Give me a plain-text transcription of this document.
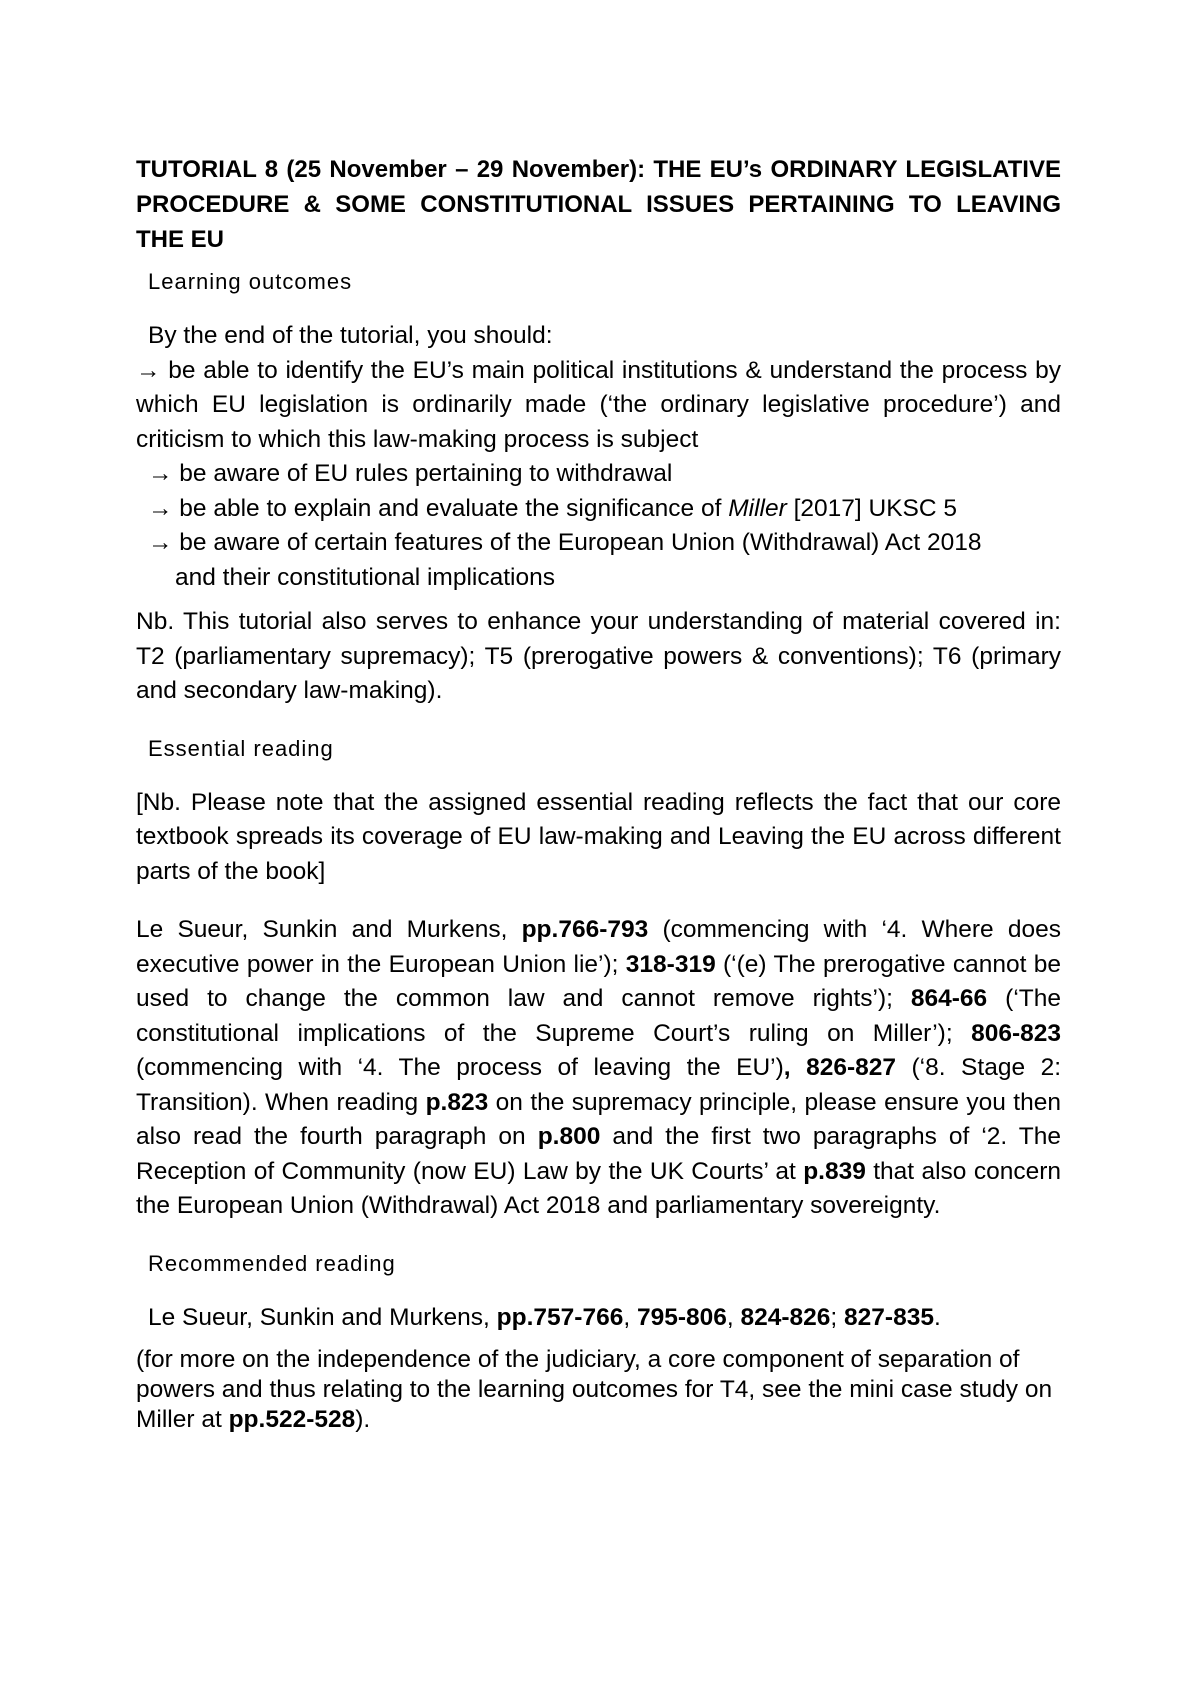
TUTORIAL 8 (25 November – 29 November): THE EU’s ORDINARY LEGISLATIVE PROCEDURE & SOME CONSTITUTIONAL ISSUES PERTAINING TO LEAVING THE EU

Learning outcomes

By the end of the tutorial, you should:

→ be able to identify the EU’s main political institutions & understand the process by which EU legislation is ordinarily made (‘the ordinary legislative procedure’) and criticism to which this law-making process is subject

→ be aware of EU rules pertaining to withdrawal

→ be able to explain and evaluate the significance of Miller [2017] UKSC 5

→ be aware of certain features of the European Union (Withdrawal) Act 2018
and their constitutional implications

Nb. This tutorial also serves to enhance your understanding of material covered in: T2 (parliamentary supremacy); T5 (prerogative powers & conventions); T6 (primary and secondary law-making).

Essential reading

[Nb. Please note that the assigned essential reading reflects the fact that our core textbook spreads its coverage of EU law-making and Leaving the EU across different parts of the book]

Le Sueur, Sunkin and Murkens, pp.766-793 (commencing with ‘4. Where does executive power in the European Union lie’); 318-319 (‘(e) The prerogative cannot be used to change the common law and cannot remove rights’); 864-66 (‘The constitutional implications of the Supreme Court’s ruling on Miller’); 806-823 (commencing with ‘4. The process of leaving the EU’), 826-827 (‘8. Stage 2: Transition). When reading p.823 on the supremacy principle, please ensure you then also read the fourth paragraph on p.800 and the first two paragraphs of ‘2. The Reception of Community (now EU) Law by the UK Courts’ at p.839 that also concern the European Union (Withdrawal) Act 2018 and parliamentary sovereignty.

Recommended reading

Le Sueur, Sunkin and Murkens, pp.757-766, 795-806, 824-826; 827-835.

(for more on the independence of the judiciary, a core component of separation of powers and thus relating to the learning outcomes for T4, see the mini case study on Miller at pp.522-528).
